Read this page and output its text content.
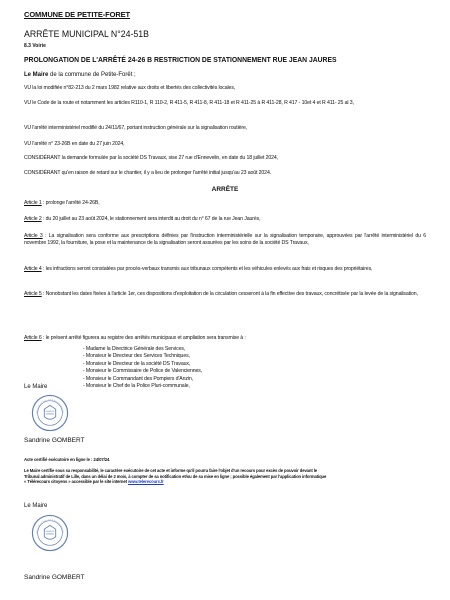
COMMUNE DE PETITE-FORET
ARRÊTE MUNICIPAL N°24-51B
8.3 Voirie
PROLONGATION DE L'ARRÊTÉ 24-26 B RESTRICTION DE STATIONNEMENT RUE JEAN JAURES
Le Maire de la commune de Petite-Forêt ;
VU la loi modifiée n°82-213 du 2 mars 1982 relative aux droits et libertés des collectivités locales,
VU le Code de la route et notamment les articles R110-1, R 110-2, R 411-5, R 411-8, R 411-18 et R 411-25 à R 411-28, R 417 - 10et 4 et R 411- 25 al 3,
VU l'arrêté interministériel modifié du 24/11/67, portant instruction générale sur la signalisation routière,
VU l'arrêté n° 23-26B en date du 27 juin 2024,
CONSIDÉRANT la demande formulée par la société DS Travaux, sise 27 rue d'Ennevelin, en date du 18 juillet 2024,
CONSIDÉRANT qu'en raison de retard sur le chantier, il y a lieu de prolonger l'arrêté initial jusqu'au 23 août 2024.
ARRÊTE
Article 1 : prolonge l'arrêté 24-26B,
Article 2 : du 20 juillet au 23 août 2024, le stationnement sera interdit au droit du n° 67 de la rue Jean Jaurès,
Article 3 : La signalisation sera conforme aux prescriptions définies par l'instruction interministérielle sur la signalisation temporaire, approuvées par l'arrêté interministériel du 6 novembre 1992, la fourniture, la pose et la maintenance de la signalisation seront assurées par les soins de la société DS Travaux,
Article 4 : les infractions seront constatées par procès-verbaux transmis aux tribunaux compétents et les véhicules enlevés aux frais et risques des propriétaires,
Article 5 : Nonobstant les dates fixées à l'article 1er, ces dispositions d'exploitation de la circulation cesseront à la fin effective des travaux, concrétisée par la levée de la signalisation,
Article 6 : le présent arrêté figurera au registre des arrêtés municipaux et ampliation sera transmise à :
- Madame la Directrice Générale des Services,
- Monsieur le Directeur des Services Techniques,
- Monsieur le Directeur de la société DS Travaux,
- Monsieur le Commissaire de Police de Valenciennes,
- Monsieur le Commandant des Pompiers d'Anzin,
- Monsieur le Chef de la Police Pluri-communale,
Le Maire
Sandrine GOMBERT
Acte certifié exécutoire en ligne le : 24/07/24
Le Maire certifie sous sa responsabilité, le caractère exécutoire de cet acte et informe qu'il pourra faire l'objet d'un recours pour excès de pouvoir devant le
Tribunal administratif de Lille, dans un délai de 2 mois, à compter de sa notification et/ou de sa mise en ligne ; possible également par l'application informatique
« Télérecours citoyens » accessible par le site internet www.telerecours.fr
Le Maire
Sandrine GOMBERT
